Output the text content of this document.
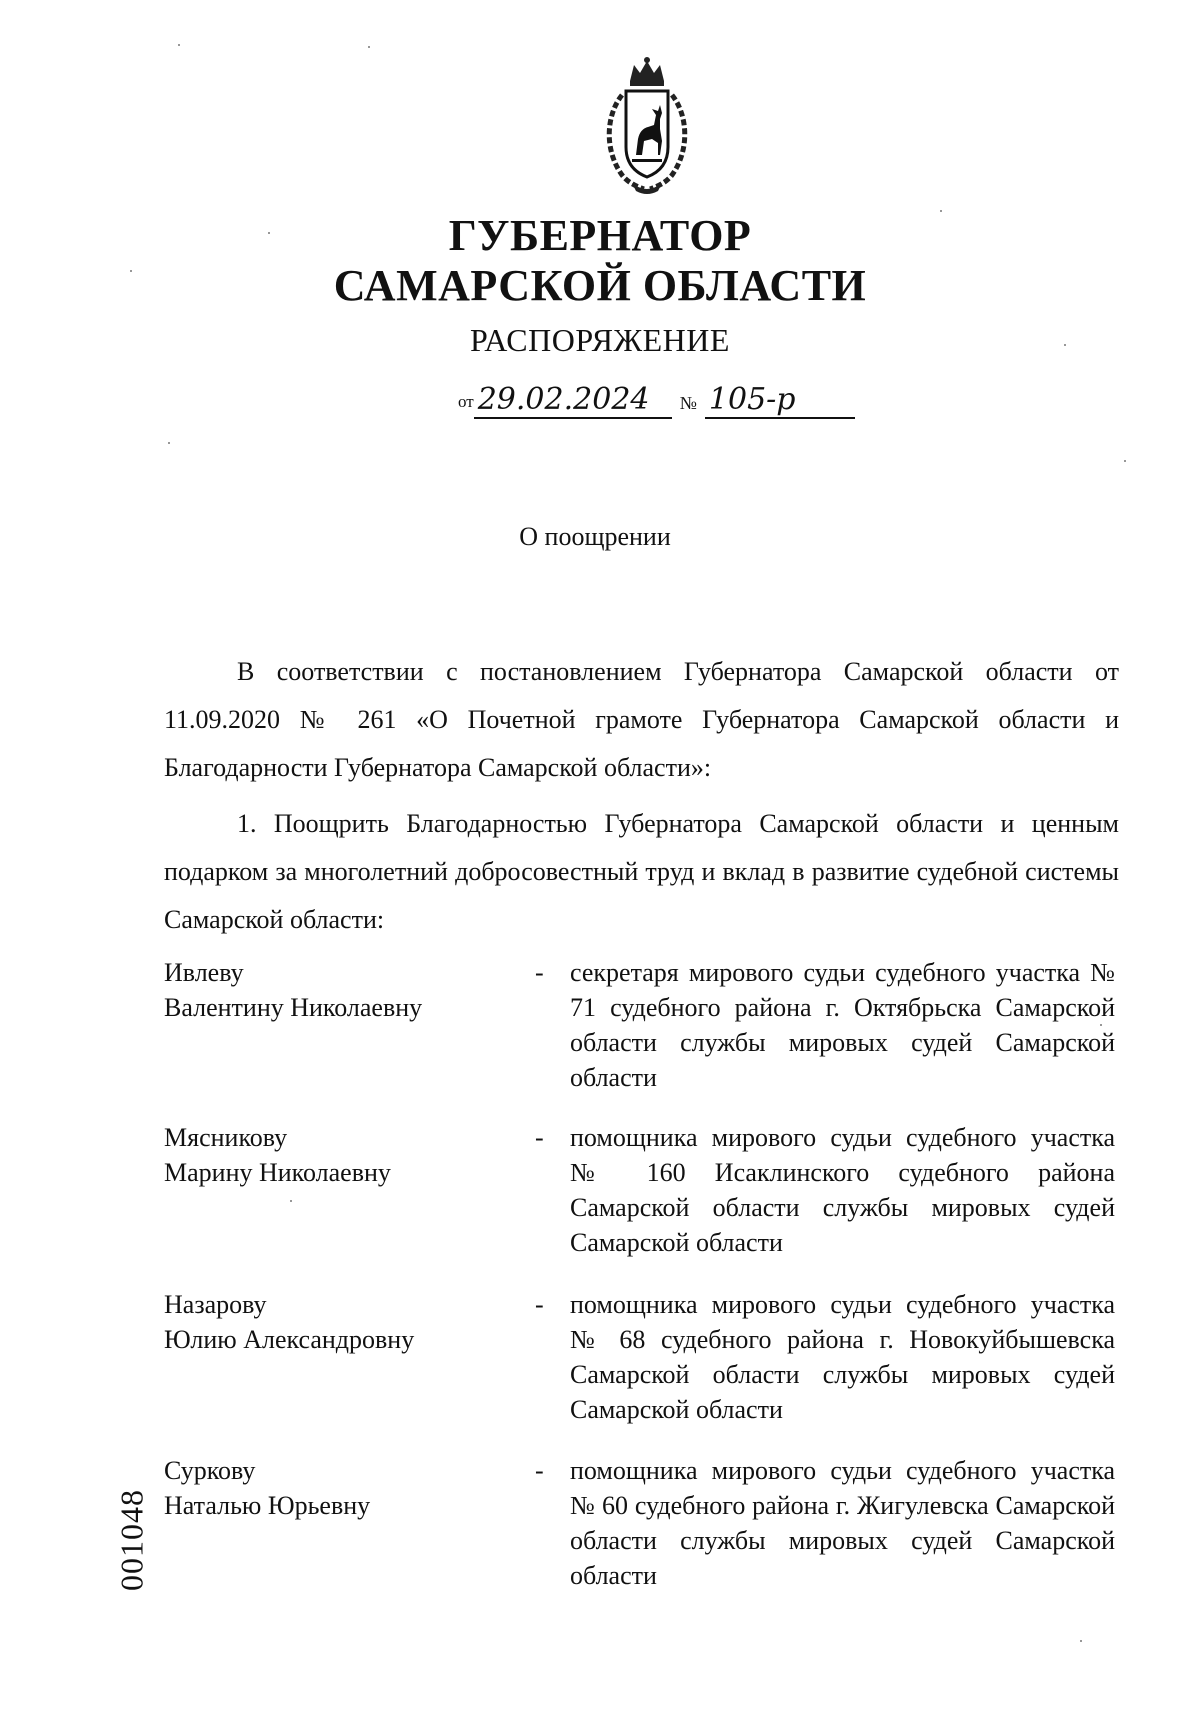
ГУБЕРНАТОР
САМАРСКОЙ ОБЛАСТИ
РАСПОРЯЖЕНИЕ
от 29.02.2024 № 105-р
О поощрении
В соответствии с постановлением Губернатора Самарской области от 11.09.2020 № 261 «О Почетной грамоте Губернатора Самарской области и Благодарности Губернатора Самарской области»:
1. Поощрить Благодарностью Губернатора Самарской области и ценным подарком за многолетний добросовестный труд и вклад в развитие судебной системы Самарской области:
Ивлеву
Валентину Николаевну
- секретаря мирового судьи судебного участка № 71 судебного района г. Октябрьска Самарской области службы мировых судей Самарской области
Мясникову
Марину Николаевну
- помощника мирового судьи судебного участка № 160 Исаклинского судебного района Самарской области службы мировых судей Самарской области
Назарову
Юлию Александровну
- помощника мирового судьи судебного участка № 68 судебного района г. Новокуйбышевска Самарской области службы мировых судей Самарской области
Суркову
Наталью Юрьевну
- помощника мирового судьи судебного участка № 60 судебного района г. Жигулевска Самарской области службы мировых судей Самарской области
001048
